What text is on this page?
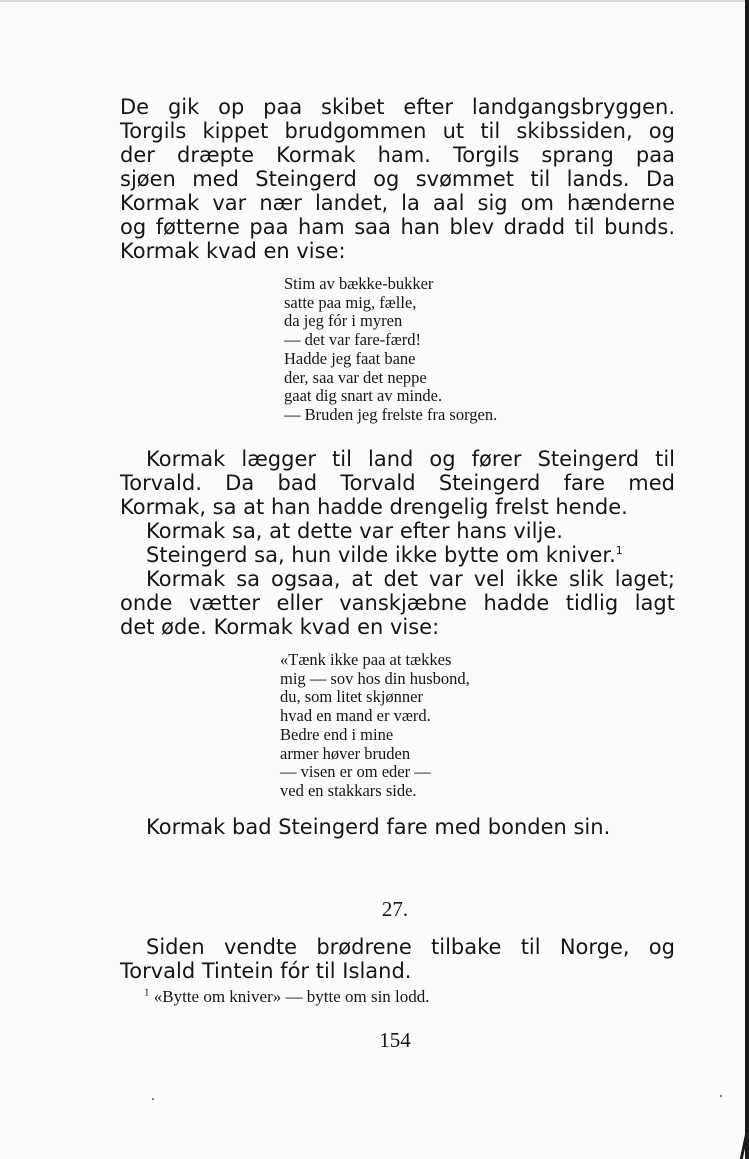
De gik op paa skibet efter landgangsbryggen.
Torgils kippet brudgommen ut til skibssiden, og
der dræpte Kormak ham. Torgils sprang paa
sjøen med Steingerd og svømmet til lands. Da
Kormak var nær landet, la aal sig om hænderne
og føtterne paa ham saa han blev dradd til bunds.
Kormak kvad en vise:
Stim av bække-bukker
satte paa mig, fælle,
da jeg fór i myren
— det var fare-færd!
Hadde jeg faat bane
der, saa var det neppe
gaat dig snart av minde.
— Bruden jeg frelste fra sorgen.
Kormak lægger til land og fører Steingerd til
Torvald. Da bad Torvald Steingerd fare med
Kormak, sa at han hadde drengelig frelst hende.
Kormak sa, at dette var efter hans vilje.
Steingerd sa, hun vilde ikke bytte om kniver.$^1$
Kormak sa ogsaa, at det var vel ikke slik laget;
onde vætter eller vanskjæbne hadde tidlig lagt
det øde. Kormak kvad en vise:
«Tænk ikke paa at tækkes
mig — sov hos din husbond,
du, som litet skjønner
hvad en mand er værd.
Bedre end i mine
armer høver bruden
— visen er om eder —
ved en stakkars side.
Kormak bad Steingerd fare med bonden sin.
27.
Siden vendte brødrene tilbake til Norge, og
Torvald Tintein fór til Island.
$^1$ «Bytte om kniver» — bytte om sin lodd.
154
